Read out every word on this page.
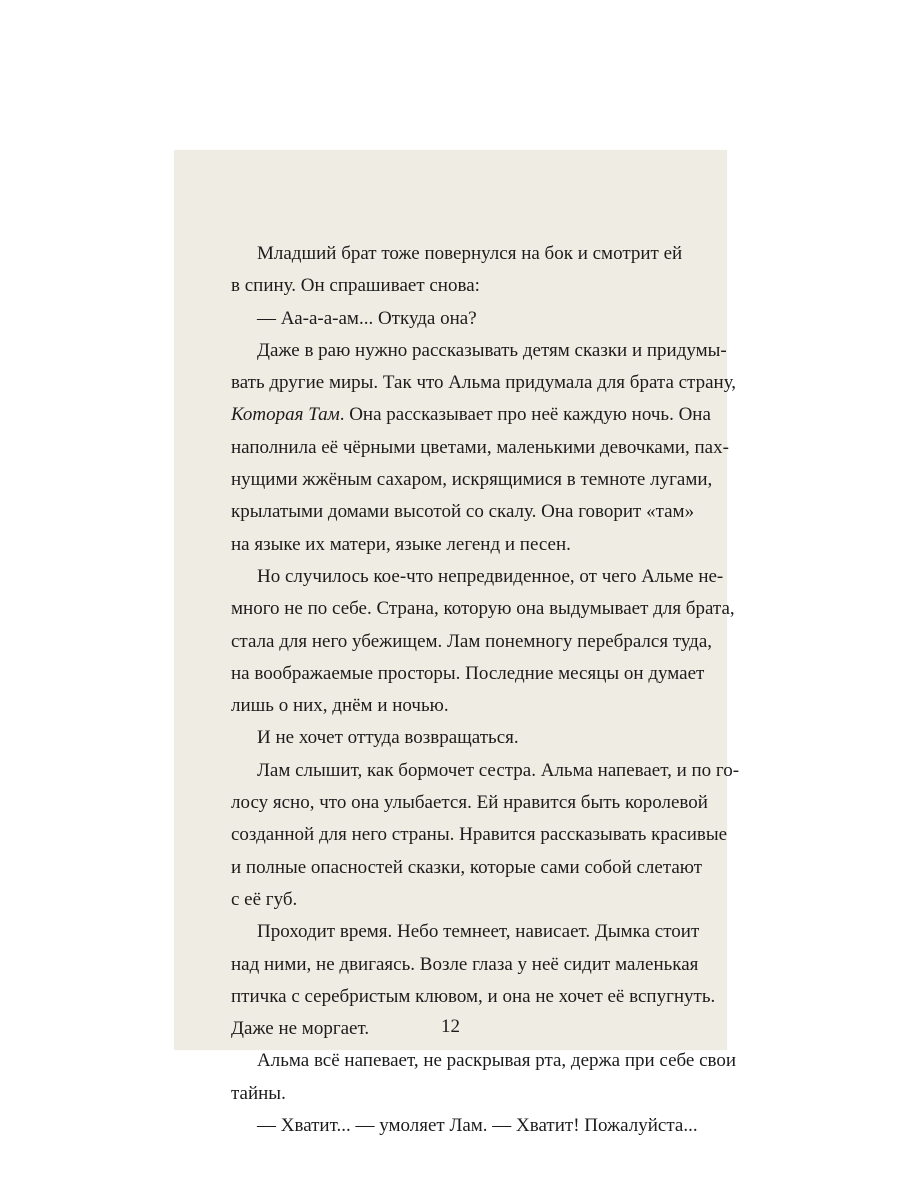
Младший брат тоже повернулся на бок и смотрит ей
в спину. Он спрашивает снова:
— Аа-а-а-ам... Откуда она?
Даже в раю нужно рассказывать детям сказки и придумы-
вать другие миры. Так что Альма придумала для брата страну,
Которая Там. Она рассказывает про неё каждую ночь. Она
наполнила её чёрными цветами, маленькими девочками, пах-
нущими жжёным сахаром, искрящимися в темноте лугами,
крылатыми домами высотой со скалу. Она говорит «там»
на языке их матери, языке легенд и песен.
Но случилось кое-что непредвиденное, от чего Альме не-
много не по себе. Страна, которую она выдумывает для брата,
стала для него убежищем. Лам понемногу перебрался туда,
на воображаемые просторы. Последние месяцы он думает
лишь о них, днём и ночью.
И не хочет оттуда возвращаться.
Лам слышит, как бормочет сестра. Альма напевает, и по го-
лосу ясно, что она улыбается. Ей нравится быть королевой
созданной для него страны. Нравится рассказывать красивые
и полные опасностей сказки, которые сами собой слетают
с её губ.
Проходит время. Небо темнеет, нависает. Дымка стоит
над ними, не двигаясь. Возле глаза у неё сидит маленькая
птичка с серебристым клювом, и она не хочет её вспугнуть.
Даже не моргает.
Альма всё напевает, не раскрывая рта, держа при себе свои
тайны.
— Хватит... — умоляет Лам. — Хватит! Пожалуйста...
12
